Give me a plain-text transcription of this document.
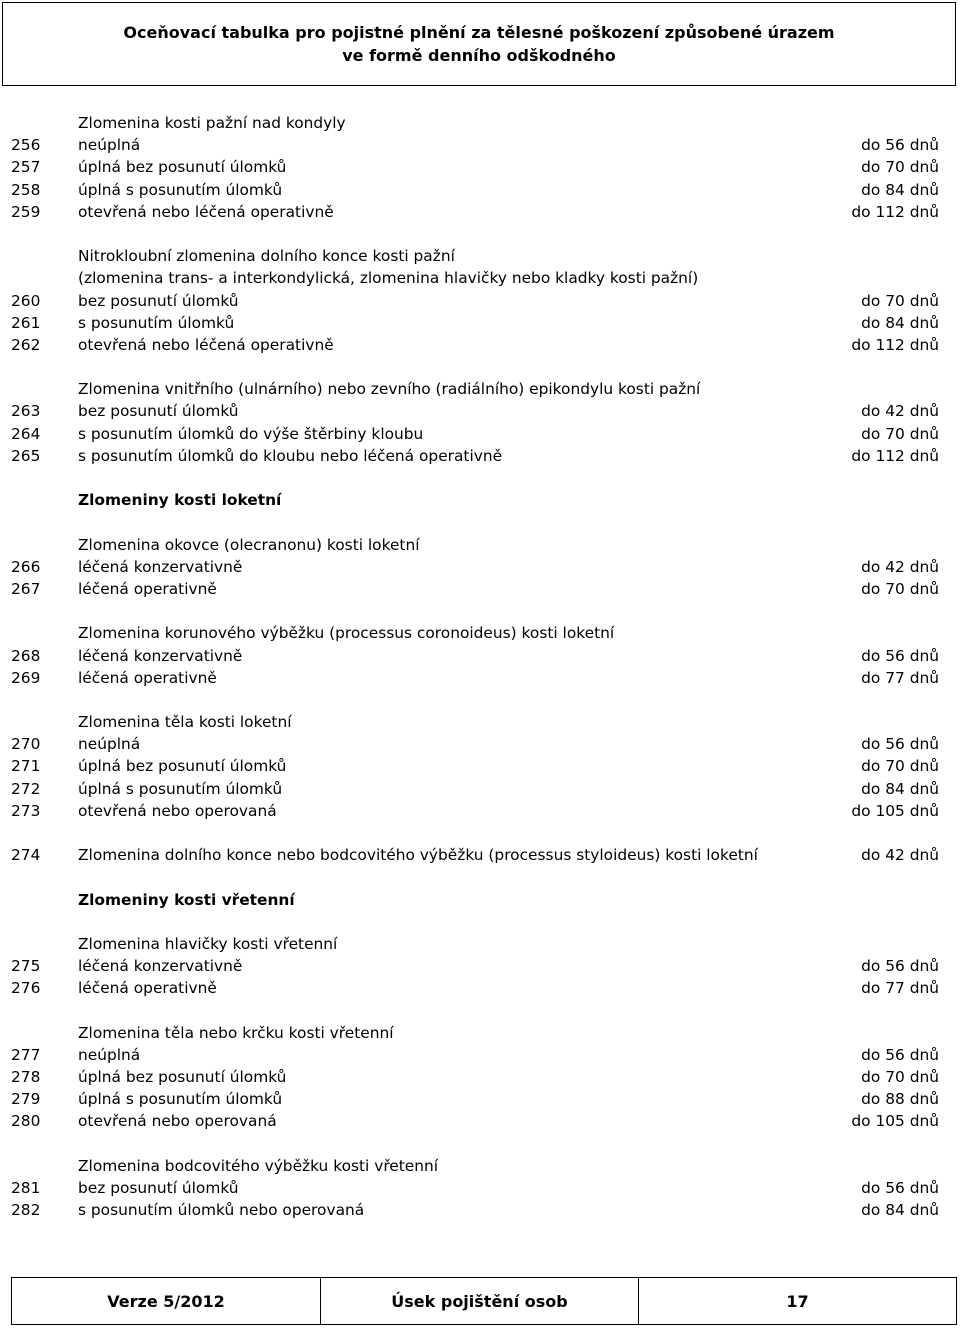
Oceňovací tabulka pro pojistné plnění za tělesné poškození způsobené úrazem
ve formě denního odškodného
Zlomenina kosti pažní nad kondyly
256 neúplná	do 56 dnů
257 úplná bez posunutí úlomků	do 70 dnů
258 úplná s posunutím úlomků	do 84 dnů
259 otevřená nebo léčená operativně	do 112 dnů
Nitrokloubní zlomenina dolního konce kosti pažní
(zlomenina trans- a interkondylická, zlomenina hlavičky nebo kladky kosti pažní)
260 bez posunutí úlomků	do 70 dnů
261 s posunutím úlomků	do 84 dnů
262 otevřená nebo léčená operativně	do 112 dnů
Zlomenina vnitřního (ulnárního) nebo zevního (radiálního) epikondylu kosti pažní
263 bez posunutí úlomků	do 42 dnů
264 s posunutím úlomků do výše štěrbiny kloubu	do 70 dnů
265 s posunutím úlomků do kloubu nebo léčená operativně	do 112 dnů
Zlomeniny kosti loketní
Zlomenina okovce (olecranonu) kosti loketní
266 léčená konzervativně	do 42 dnů
267 léčená operativně	do 70 dnů
Zlomenina korunového výběžku (processus coronoideus) kosti loketní
268 léčená konzervativně	do 56 dnů
269 léčená operativně	do 77 dnů
Zlomenina těla kosti loketní
270 neúplná	do 56 dnů
271 úplná bez posunutí úlomků	do 70 dnů
272 úplná s posunutím úlomků	do 84 dnů
273 otevřená nebo operovaná	do 105 dnů
274 Zlomenina dolního konce nebo bodcovitého výběžku (processus styloideus) kosti loketní	do 42 dnů
Zlomeniny kosti vřetenní
Zlomenina hlavičky kosti vřetenní
275 léčená konzervativně	do 56 dnů
276 léčená operativně	do 77 dnů
Zlomenina těla nebo krčku kosti vřetenní
277 neúplná	do 56 dnů
278 úplná bez posunutí úlomků	do 70 dnů
279 úplná s posunutím úlomků	do 88 dnů
280 otevřená nebo operovaná	do 105 dnů
Zlomenina bodcovitého výběžku kosti vřetenní
281 bez posunutí úlomků	do 56 dnů
282 s posunutím úlomků nebo operovaná	do 84 dnů
Verze 5/2012	Úsek pojištění osob	17
